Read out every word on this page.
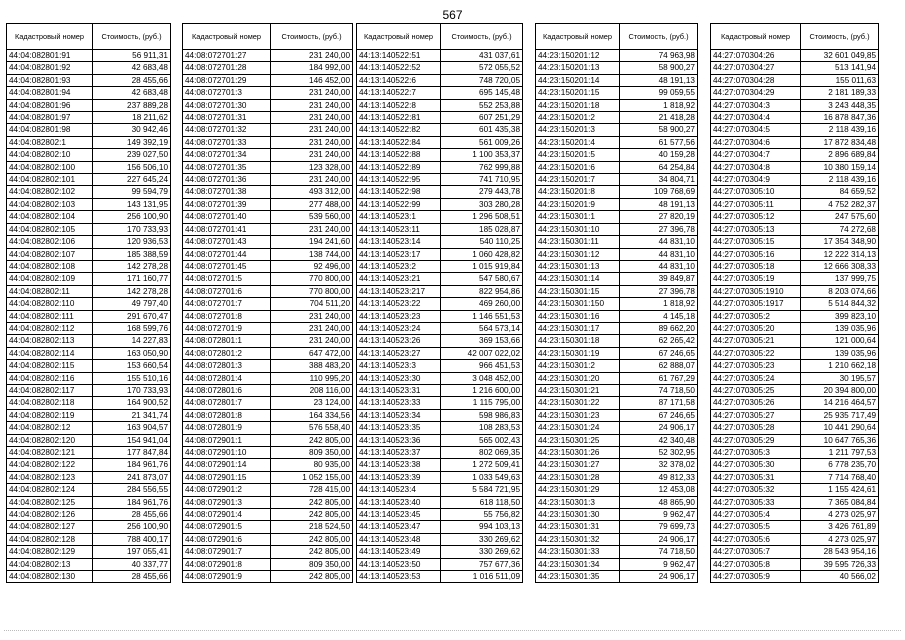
567
Кадастровый номер	Стоимость, (руб.)
44:04:082801:91	56 911,31
44:04:082801:92	42 683,48
44:04:082801:93	28 455,66
44:04:082801:94	42 683,48
44:04:082801:96	237 889,28
44:04:082801:97	18 211,62
44:04:082801:98	30 942,46
44:04:082802:1	149 392,19
44:04:082802:10	239 027,50
44:04:082802:100	156 506,10
44:04:082802:101	227 645,24
44:04:082802:102	99 594,79
44:04:082802:103	143 131,95
44:04:082802:104	256 100,90
44:04:082802:105	170 733,93
44:04:082802:106	120 936,53
44:04:082802:107	185 388,59
44:04:082802:108	142 278,28
44:04:082802:109	171 160,77
44:04:082802:11	142 278,28
44:04:082802:110	49 797,40
44:04:082802:111	291 670,47
44:04:082802:112	168 599,76
44:04:082802:113	14 227,83
44:04:082802:114	163 050,90
44:04:082802:115	153 660,54
44:04:082802:116	155 510,16
44:04:082802:117	170 733,93
44:04:082802:118	164 900,52
44:04:082802:119	21 341,74
44:04:082802:12	163 904,57
44:04:082802:120	154 941,04
44:04:082802:121	177 847,84
44:04:082802:122	184 961,76
44:04:082802:123	241 873,07
44:04:082802:124	284 556,55
44:04:082802:125	184 961,76
44:04:082802:126	28 455,66
44:04:082802:127	256 100,90
44:04:082802:128	788 400,17
44:04:082802:129	197 055,41
44:04:082802:13	40 337,77
44:04:082802:130	28 455,66
Кадастровый номер	Стоимость, (руб.)
44:08:072701:27	231 240,00
44:08:072701:28	184 992,00
44:08:072701:29	146 452,00
44:08:072701:3	231 240,00
44:08:072701:30	231 240,00
44:08:072701:31	231 240,00
44:08:072701:32	231 240,00
44:08:072701:33	231 240,00
44:08:072701:34	231 240,00
44:08:072701:35	123 328,00
44:08:072701:36	231 240,00
44:08:072701:38	493 312,00
44:08:072701:39	277 488,00
44:08:072701:40	539 560,00
44:08:072701:41	231 240,00
44:08:072701:43	194 241,60
44:08:072701:44	138 744,00
44:08:072701:45	92 496,00
44:08:072701:5	770 800,00
44:08:072701:6	770 800,00
44:08:072701:7	704 511,20
44:08:072701:8	231 240,00
44:08:072701:9	231 240,00
44:08:072801:1	231 240,00
44:08:072801:2	647 472,00
44:08:072801:3	388 483,20
44:08:072801:4	110 995,20
44:08:072801:6	208 116,00
44:08:072801:7	23 124,00
44:08:072801:8	164 334,56
44:08:072801:9	576 558,40
44:08:072901:1	242 805,00
44:08:072901:10	809 350,00
44:08:072901:14	80 935,00
44:08:072901:15	1 052 155,00
44:08:072901:2	728 415,00
44:08:072901:3	242 805,00
44:08:072901:4	242 805,00
44:08:072901:5	218 524,50
44:08:072901:6	242 805,00
44:08:072901:7	242 805,00
44:08:072901:8	809 350,00
44:08:072901:9	242 805,00
Кадастровый номер	Стоимость, (руб.)
44:13:140522:51	431 037,61
44:13:140522:52	572 055,52
44:13:140522:6	748 720,05
44:13:140522:7	695 145,48
44:13:140522:8	552 253,88
44:13:140522:81	607 251,29
44:13:140522:82	601 435,38
44:13:140522:84	561 009,26
44:13:140522:88	1 100 353,37
44:13:140522:89	762 999,88
44:13:140522:95	741 710,95
44:13:140522:98	279 443,78
44:13:140522:99	303 280,28
44:13:140523:1	1 296 508,51
44:13:140523:11	185 028,87
44:13:140523:14	540 110,25
44:13:140523:17	1 060 428,82
44:13:140523:2	1 015 919,84
44:13:140523:21	547 580,67
44:13:140523:217	822 954,86
44:13:140523:22	469 260,00
44:13:140523:23	1 146 551,53
44:13:140523:24	564 573,14
44:13:140523:26	369 153,66
44:13:140523:27	42 007 022,02
44:13:140523:3	966 451,53
44:13:140523:30	3 048 452,00
44:13:140523:31	1 216 600,00
44:13:140523:33	1 115 795,00
44:13:140523:34	598 986,83
44:13:140523:35	108 283,53
44:13:140523:36	565 002,43
44:13:140523:37	802 069,35
44:13:140523:38	1 272 509,41
44:13:140523:39	1 033 549,63
44:13:140523:4	5 584 721,95
44:13:140523:40	618 118,50
44:13:140523:45	55 756,82
44:13:140523:47	994 103,13
44:13:140523:48	330 269,62
44:13:140523:49	330 269,62
44:13:140523:50	757 677,36
44:13:140523:53	1 016 511,09
Кадастровый номер	Стоимость, (руб.)
44:23:150201:12	74 963,98
44:23:150201:13	58 900,27
44:23:150201:14	48 191,13
44:23:150201:15	99 059,55
44:23:150201:18	1 818,92
44:23:150201:2	21 418,28
44:23:150201:3	58 900,27
44:23:150201:4	61 577,56
44:23:150201:5	40 159,28
44:23:150201:6	64 254,84
44:23:150201:7	34 804,71
44:23:150201:8	109 768,69
44:23:150201:9	48 191,13
44:23:150301:1	27 820,19
44:23:150301:10	27 396,78
44:23:150301:11	44 831,10
44:23:150301:12	44 831,10
44:23:150301:13	44 831,10
44:23:150301:14	39 849,87
44:23:150301:15	27 396,78
44:23:150301:150	1 818,92
44:23:150301:16	4 145,18
44:23:150301:17	89 662,20
44:23:150301:18	62 265,42
44:23:150301:19	67 246,65
44:23:150301:2	62 888,07
44:23:150301:20	61 767,29
44:23:150301:21	74 718,50
44:23:150301:22	87 171,58
44:23:150301:23	67 246,65
44:23:150301:24	24 906,17
44:23:150301:25	42 340,48
44:23:150301:26	52 302,95
44:23:150301:27	32 378,02
44:23:150301:28	49 812,33
44:23:150301:29	12 453,08
44:23:150301:3	48 865,90
44:23:150301:30	9 962,47
44:23:150301:31	79 699,73
44:23:150301:32	24 906,17
44:23:150301:33	74 718,50
44:23:150301:34	9 962,47
44:23:150301:35	24 906,17
Кадастровый номер	Стоимость, (руб.)
44:27:070304:26	32 601 049,85
44:27:070304:27	513 141,94
44:27:070304:28	155 011,63
44:27:070304:29	2 181 189,33
44:27:070304:3	3 243 448,35
44:27:070304:4	16 878 847,36
44:27:070304:5	2 118 439,16
44:27:070304:6	17 872 834,48
44:27:070304:7	2 896 689,84
44:27:070304:8	10 380 159,14
44:27:070304:9	2 118 439,16
44:27:070305:10	84 659,52
44:27:070305:11	4 752 282,37
44:27:070305:12	247 575,60
44:27:070305:13	74 272,68
44:27:070305:15	17 354 348,90
44:27:070305:16	12 222 314,13
44:27:070305:18	12 666 308,33
44:27:070305:19	137 999,75
44:27:070305:1910	8 203 074,66
44:27:070305:1917	5 514 844,32
44:27:070305:2	399 823,10
44:27:070305:20	139 035,96
44:27:070305:21	121 000,64
44:27:070305:22	139 035,96
44:27:070305:23	1 210 662,18
44:27:070305:24	30 195,57
44:27:070305:25	20 394 800,00
44:27:070305:26	14 216 464,57
44:27:070305:27	25 935 717,49
44:27:070305:28	10 441 290,64
44:27:070305:29	10 647 765,36
44:27:070305:3	1 211 797,53
44:27:070305:30	6 778 235,70
44:27:070305:31	7 714 768,40
44:27:070305:32	1 155 424,61
44:27:070305:33	7 365 084,84
44:27:070305:4	4 273 025,97
44:27:070305:5	3 426 761,89
44:27:070305:6	4 273 025,97
44:27:070305:7	28 543 954,16
44:27:070305:8	39 595 726,33
44:27:070305:9	40 566,02
